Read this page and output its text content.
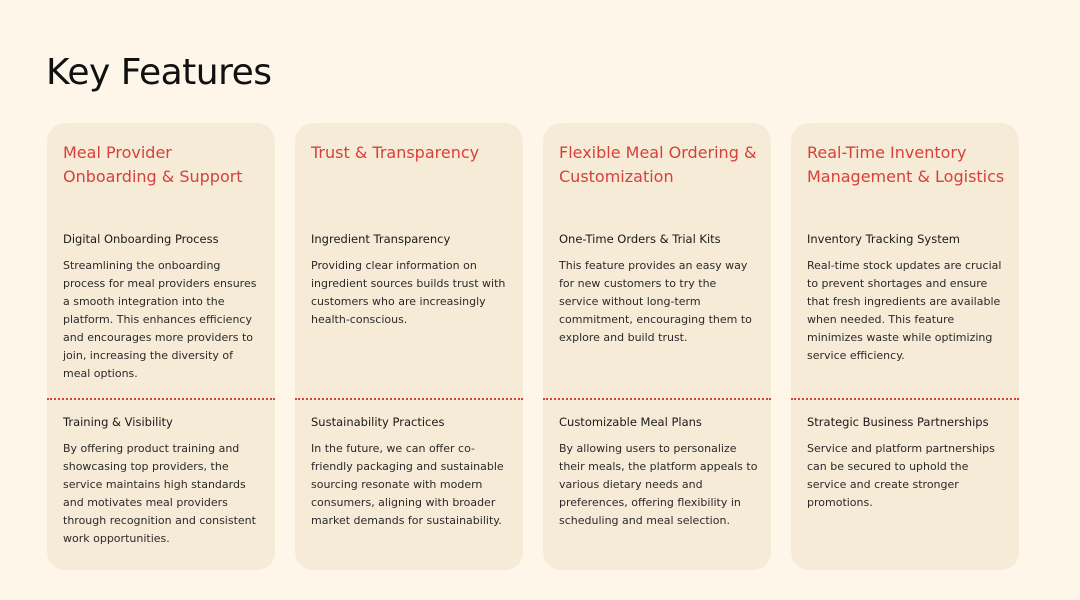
Key Features
Meal Provider Onboarding & Support
Digital Onboarding Process
Streamlining the onboarding process for meal providers ensures a smooth integration into the platform. This enhances efficiency and encourages more providers to join, increasing the diversity of meal options.
Training & Visibility
By offering product training and showcasing top providers, the service maintains high standards and motivates meal providers through recognition and consistent work opportunities.
Trust & Transparency
Ingredient Transparency
Providing clear information on ingredient sources builds trust with customers who are increasingly health-conscious.
Sustainability Practices
In the future, we can offer co-friendly packaging and sustainable sourcing resonate with modern consumers, aligning with broader market demands for sustainability.
Flexible Meal Ordering & Customization
One-Time Orders & Trial Kits
This feature provides an easy way for new customers to try the service without long-term commitment, encouraging them to explore and build trust.
Customizable Meal Plans
By allowing users to personalize their meals, the platform appeals to various dietary needs and preferences, offering flexibility in scheduling and meal selection.
Real-Time Inventory Management & Logistics
Inventory Tracking System
Real-time stock updates are crucial to prevent shortages and ensure that fresh ingredients are available when needed. This feature minimizes waste while optimizing service efficiency.
Strategic Business Partnerships
Service and platform partnerships can be secured to uphold the service and create stronger promotions.
